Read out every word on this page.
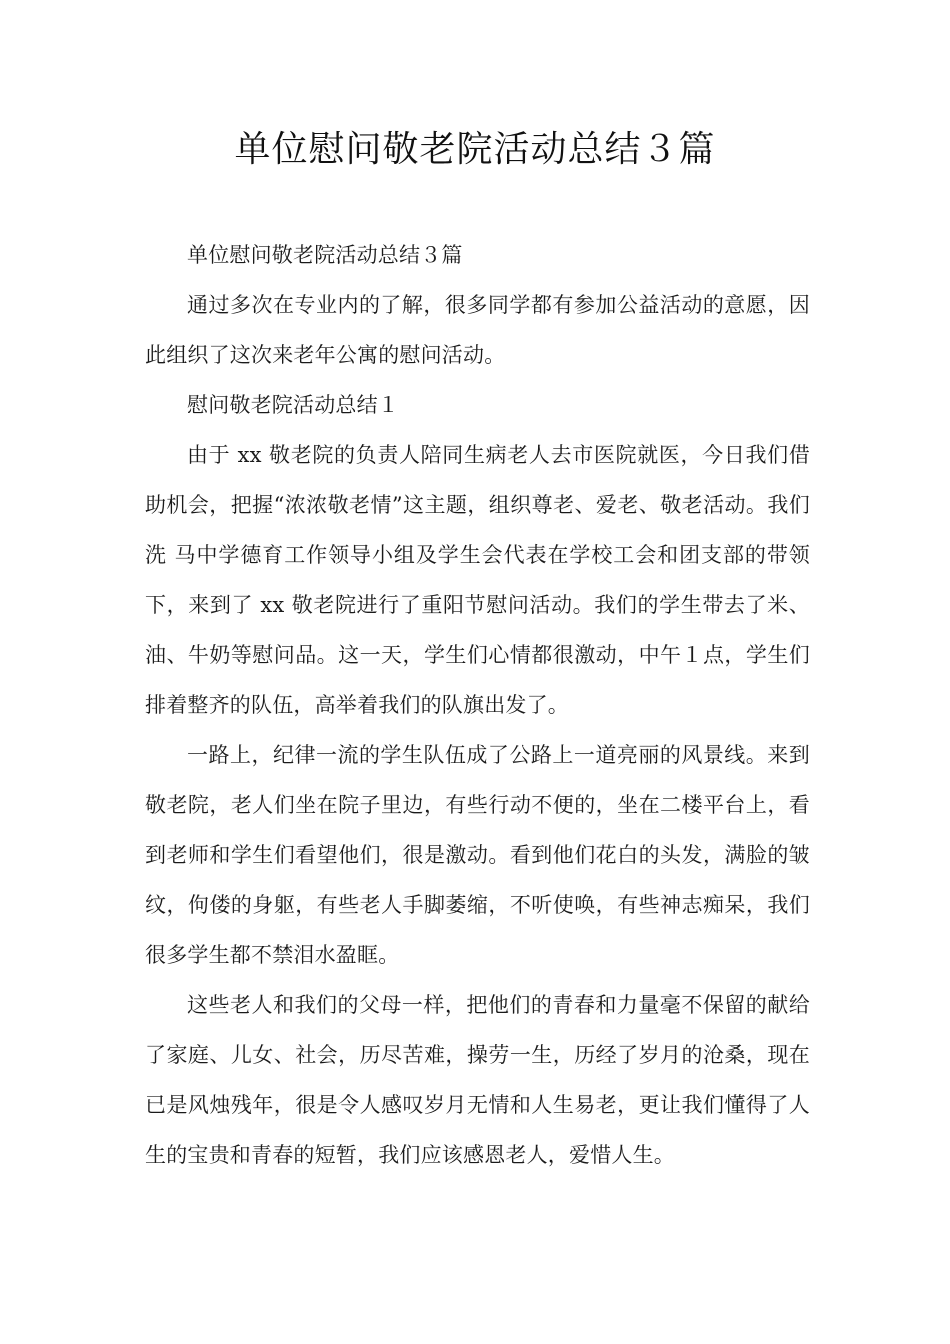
单位慰问敬老院活动总结３篇

单位慰问敬老院活动总结３篇

通过多次在专业内的了解，很多同学都有参加公益活动的意愿，因此组织了这次来老年公寓的慰问活动。

慰问敬老院活动总结１

由于 xx 敬老院的负责人陪同生病老人去市医院就医，今日我们借助机会，把握“浓浓敬老情”这主题，组织尊老、爱老、敬老活动。我们洗 马中学德育工作领导小组及学生会代表在学校工会和团支部的带领下，来到了 xx 敬老院进行了重阳节慰问活动。我们的学生带去了米、油、牛奶等慰问品。这一天，学生们心情都很激动，中午１点，学生们排着整齐的队伍，高举着我们的队旗出发了。

一路上，纪律一流的学生队伍成了公路上一道亮丽的风景线。来到敬老院，老人们坐在院子里边，有些行动不便的，坐在二楼平台上，看到老师和学生们看望他们，很是激动。看到他们花白的头发，满脸的皱纹，佝偻的身躯，有些老人手脚萎缩，不听使唤，有些神志痴呆，我们很多学生都不禁泪水盈眶。

这些老人和我们的父母一样，把他们的青春和力量毫不保留的献给了家庭、儿女、社会，历尽苦难，操劳一生，历经了岁月的沧桑，现在已是风烛残年，很是令人感叹岁月无情和人生易老，更让我们懂得了人生的宝贵和青春的短暂，我们应该感恩老人，爱惜人生。
